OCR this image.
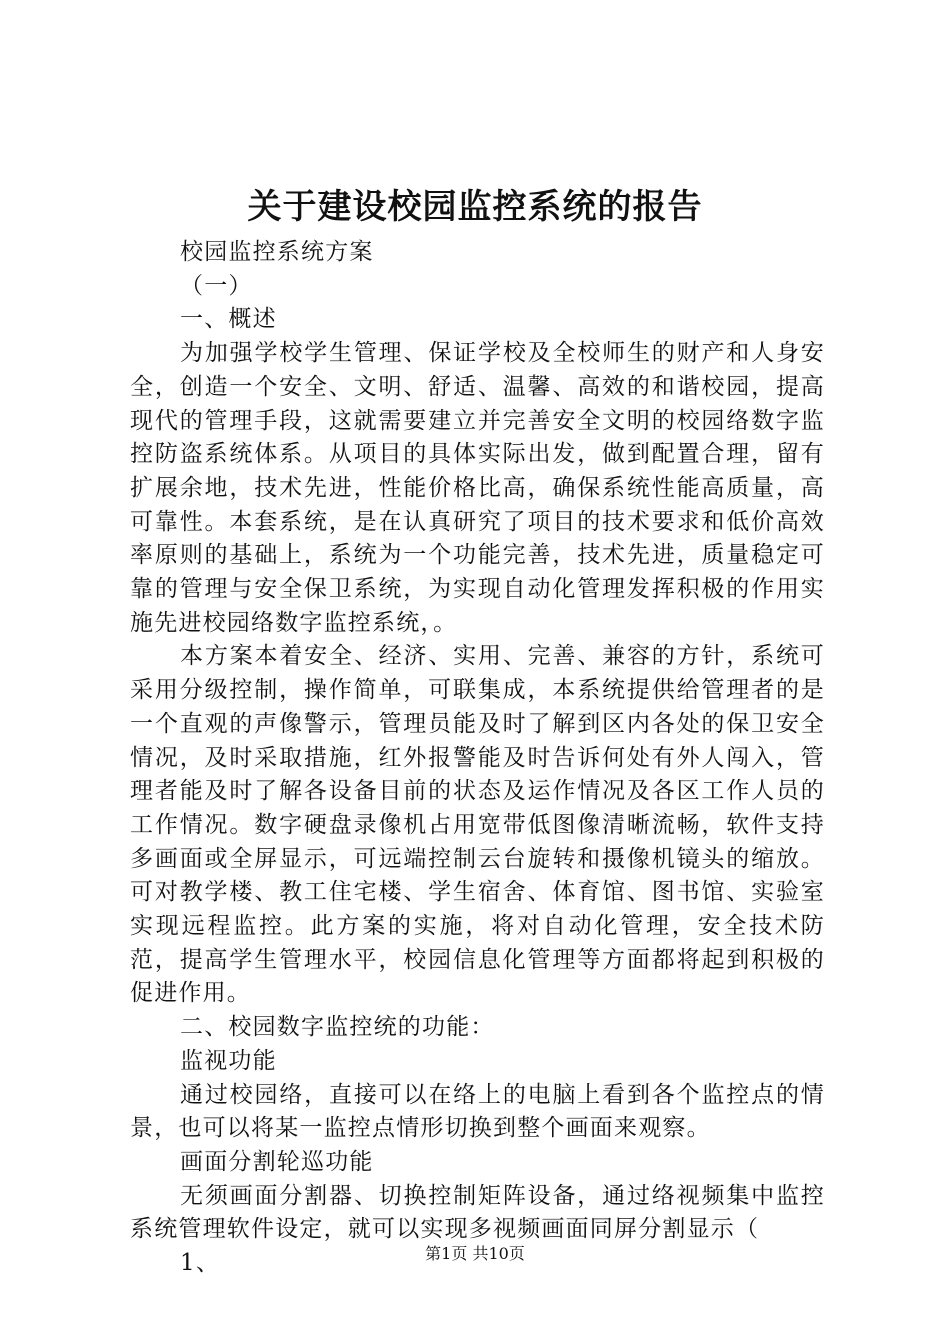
关于建设校园监控系统的报告

校园监控系统方案

（一）

一、概述

为加强学校学生管理、保证学校及全校师生的财产和人身安全，创造一个安全、文明、舒适、温馨、高效的和谐校园，提高现代的管理手段，这就需要建立并完善安全文明的校园络数字监控防盗系统体系。从项目的具体实际出发，做到配置合理，留有扩展余地，技术先进，性能价格比高，确保系统性能高质量，高可靠性。本套系统，是在认真研究了项目的技术要求和低价高效率原则的基础上，系统为一个功能完善，技术先进，质量稳定可靠的管理与安全保卫系统，为实现自动化管理发挥积极的作用实施先进校园络数字监控系统，。

本方案本着安全、经济、实用、完善、兼容的方针，系统可采用分级控制，操作简单，可联集成，本系统提供给管理者的是一个直观的声像警示，管理员能及时了解到区内各处的保卫安全情况，及时采取措施，红外报警能及时告诉何处有外人闯入，管理者能及时了解各设备目前的状态及运作情况及各区工作人员的工作情况。数字硬盘录像机占用宽带低图像清晰流畅，软件支持多画面或全屏显示，可远端控制云台旋转和摄像机镜头的缩放。可对教学楼、教工住宅楼、学生宿舍、体育馆、图书馆、实验室实现远程监控。此方案的实施，将对自动化管理，安全技术防范，提高学生管理水平，校园信息化管理等方面都将起到积极的促进作用。

二、校园数字监控统的功能：

监视功能

通过校园络，直接可以在络上的电脑上看到各个监控点的情景，也可以将某一监控点情形切换到整个画面来观察。

画面分割轮巡功能

无须画面分割器、切换控制矩阵设备，通过络视频集中监控系统管理软件设定，就可以实现多视频画面同屏分割显示（

1、	第1页 共10页
